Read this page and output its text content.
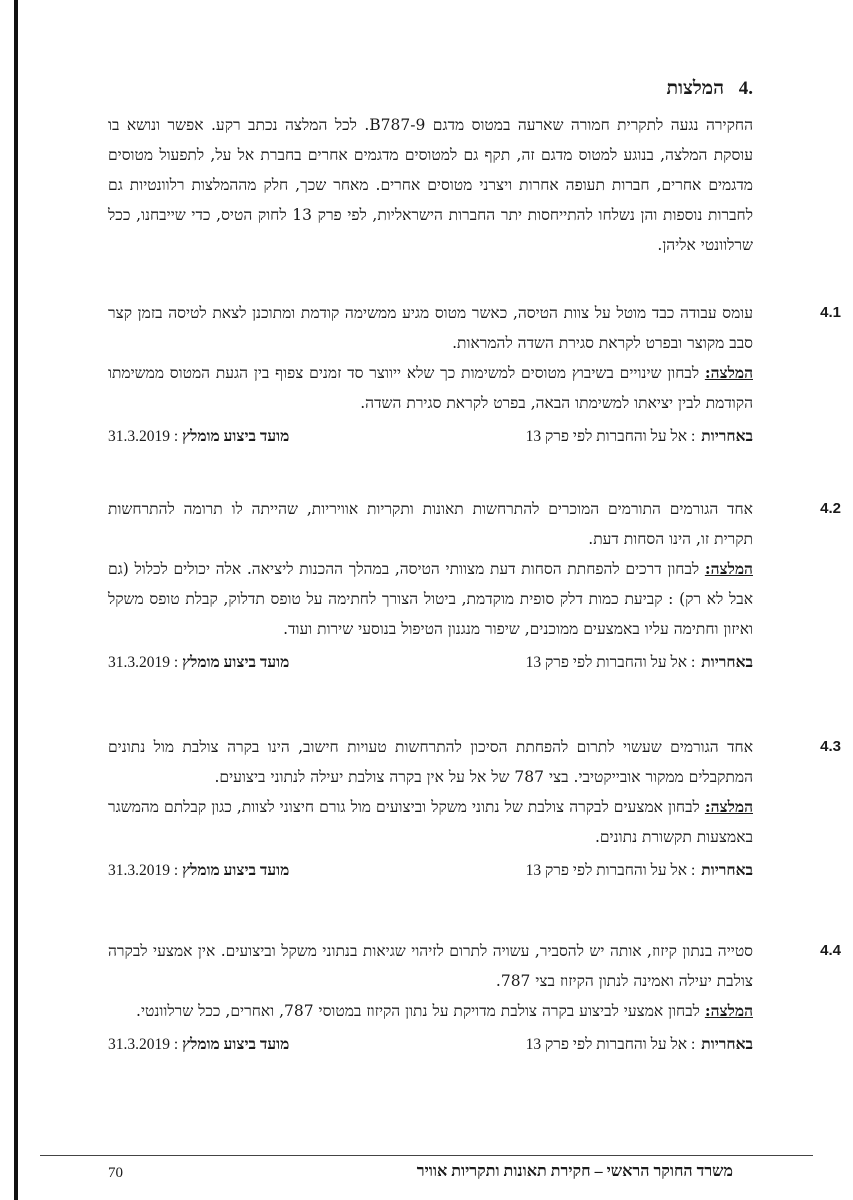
.4 המלצות

החקירה נגעה לתקרית חמורה שארעה במטוס מדגם B787-9. לכל המלצה נכתב רקע. אפשר ונושא בו עוסקת המלצה, בנוגע למטוס מדגם זה, תקף גם למטוסים מדגמים אחרים בחברת אל על, לתפעול מטוסים מדגמים אחרים, חברות תעופה אחרות ויצרני מטוסים אחרים. מאחר שכך, חלק מההמלצות רלוונטיות גם לחברות נוספות והן נשלחו להתייחסות יתר החברות הישראליות, לפי פרק 13 לחוק הטיס, כדי שייבחנו, ככל שרלוונטי אליהן.

4.1

עומס עבודה כבד מוטל על צוות הטיסה, כאשר מטוס מגיע ממשימה קודמת ומתוכנן לצאת לטיסה בזמן קצר סבב מקוצר ובפרט לקראת סגירת השדה להמראות.

המלצה: לבחון שינויים בשיבוץ מטוסים למשימות כך שלא ייווצר סד זמנים צפוף בין הגעת המטוס ממשימתו הקודמת לבין יציאתו למשימתו הבאה, בפרט לקראת סגירת השדה.

באחריות: אל על והחברות לפי פרק 13
מועד ביצוע מומלץ : 31.3.2019
4.2

אחד הגורמים התורמים המוכרים להתרחשות תאונות ותקריות אוויריות, שהייתה לו תרומה להתרחשות תקרית זו, הינו הסחות דעת.

המלצה: לבחון דרכים להפחתת הסחות דעת מצוותי הטיסה, במהלך ההכנות ליציאה. אלה יכולים לכלול (גם אבל לא רק) : קביעת כמות דלק סופית מוקדמת, ביטול הצורך לחתימה על טופס תדלוק, קבלת טופס משקל ואיזון וחתימה עליו באמצעים ממוכנים, שיפור מנגנון הטיפול בנוסעי שירות ועוד.

באחריות: אל על והחברות לפי פרק 13
מועד ביצוע מומלץ : 31.3.2019
4.3

אחד הגורמים שעשוי לתרום להפחתת הסיכון להתרחשות טעויות חישוב, הינו בקרה צולבת מול נתונים המתקבלים ממקור אובייקטיבי. בצי 787 של אל על אין בקרה צולבת יעילה לנתוני ביצועים.

המלצה: לבחון אמצעים לבקרה צולבת של נתוני משקל וביצועים מול גורם חיצוני לצוות, כגון קבלתם מהמשגר באמצעות תקשורת נתונים.

באחריות: אל על והחברות לפי פרק 13
מועד ביצוע מומלץ : 31.3.2019
4.4

סטייה בנתון קיזוז, אותה יש להסביר, עשויה לתרום לזיהוי שגיאות בנתוני משקל וביצועים. אין אמצעי לבקרה צולבת יעילה ואמינה לנתון הקיזוז בצי 787.

המלצה: לבחון אמצעי לביצוע בקרה צולבת מדויקת על נתון הקיזוז במטוסי 787, ואחרים, ככל שרלוונטי.

באחריות: אל על והחברות לפי פרק 13
מועד ביצוע מומלץ : 31.3.2019
משרד החוקר הראשי – חקירת תאונות ותקריות אוויר
70
